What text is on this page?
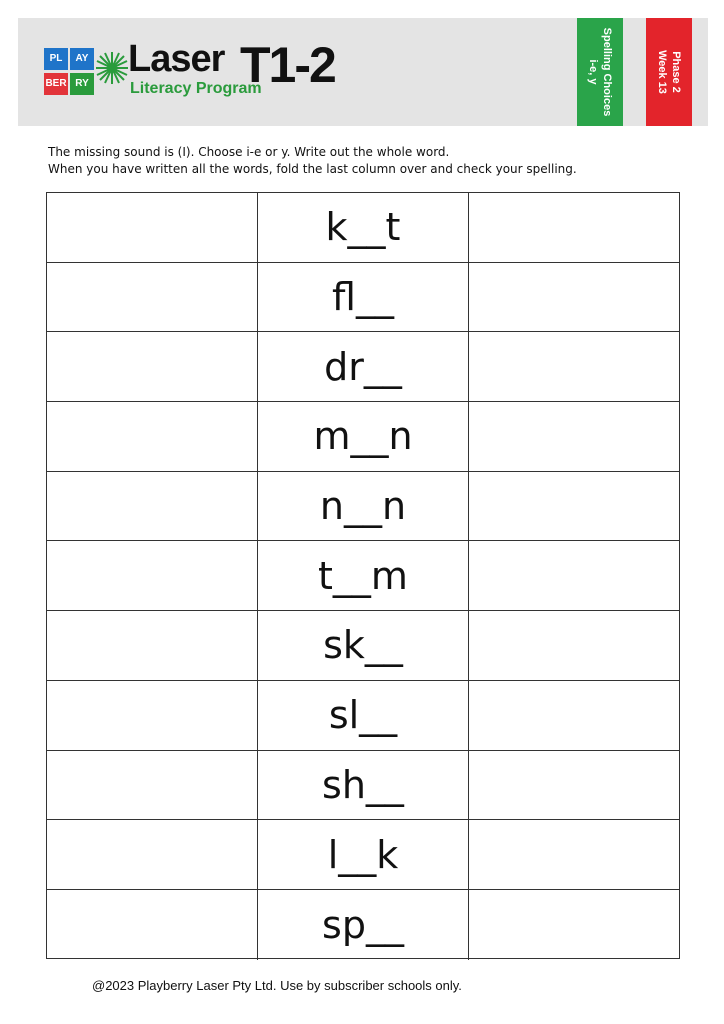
PL	AY
BER RY
Laser T1-2
Literacy Program	Spelling Choices
i-e, y	Phase 2
Week 13
The missing sound is (I). Choose i-e or y. Write out the whole word.
When you have written all the words, fold the last column over and check your spelling.
k__t
fl__
dr__
m__n
n__n
t__m
sk__
sl__
sh__
l__k
sp__
@2023 Playberry Laser Pty Ltd. Use by subscriber schools only.
